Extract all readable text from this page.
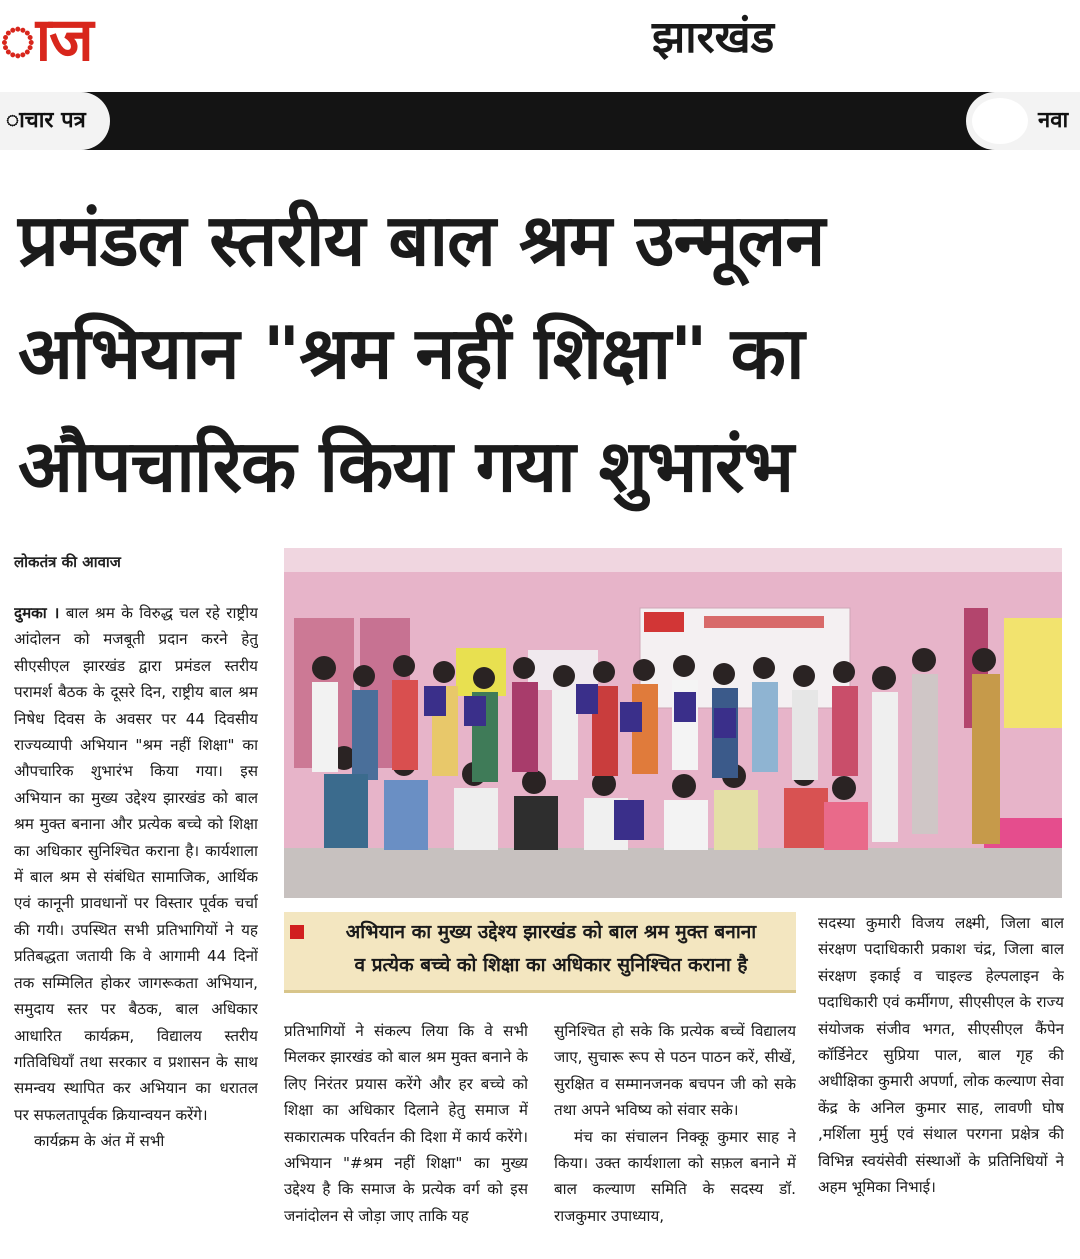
ाज	झारखंड
ाचार पत्र	नवा
प्रमंडल स्तरीय बाल श्रम उन्मूलन
अभियान "श्रम नहीं शिक्षा" का
औपचारिक किया गया शुभारंभ
लोकतंत्र की आवाज

दुमका । बाल श्रम के विरुद्ध चल रहे राष्ट्रीय आंदोलन को मजबूती प्रदान करने हेतु सीएसीएल झारखंड द्वारा प्रमंडल स्तरीय परामर्श बैठक के दूसरे दिन, राष्ट्रीय बाल श्रम निषेध दिवस के अवसर पर 44 दिवसीय राज्यव्यापी अभियान "श्रम नहीं शिक्षा" का औपचारिक शुभारंभ किया गया। इस अभियान का मुख्य उद्देश्य झारखंड को बाल श्रम मुक्त बनाना और प्रत्येक बच्चे को शिक्षा का अधिकार सुनिश्चित कराना है। कार्यशाला में बाल श्रम से संबंधित सामाजिक, आर्थिक एवं कानूनी प्रावधानों पर विस्तार पूर्वक चर्चा की गयी। उपस्थित सभी प्रतिभागियों ने यह प्रतिबद्धता जतायी कि वे आगामी 44 दिनों तक सम्मिलित होकर जागरूकता अभियान, समुदाय स्तर पर बैठक, बाल अधिकार आधारित कार्यक्रम, विद्यालय स्तरीय गतिविधियाँ तथा सरकार व प्रशासन के साथ समन्वय स्थापित कर अभियान का धरातल पर सफलतापूर्वक क्रियान्वयन करेंगे।

कार्यक्रम के अंत में सभी

अभियान का मुख्य उद्देश्य झारखंड को बाल श्रम मुक्त बनाना
व प्रत्येक बच्चे को शिक्षा का अधिकार सुनिश्चित कराना है

प्रतिभागियों ने संकल्प लिया कि वे सभी मिलकर झारखंड को बाल श्रम मुक्त बनाने के लिए निरंतर प्रयास करेंगे और हर बच्चे को शिक्षा का अधिकार दिलाने हेतु समाज में सकारात्मक परिवर्तन की दिशा में कार्य करेंगे। अभियान "#श्रम नहीं शिक्षा" का मुख्य उद्देश्य है कि समाज के प्रत्येक वर्ग को इस जनांदोलन से जोड़ा जाए ताकि यह

सुनिश्चित हो सके कि प्रत्येक बच्चें विद्यालय जाए, सुचारू रूप से पठन पाठन करें, सीखें, सुरक्षित व सम्मानजनक बचपन जी को सके तथा अपने भविष्य को संवार सके।

मंच का संचालन निक्कू कुमार साह ने किया। उक्त कार्यशाला को सफ़ल बनाने में बाल कल्याण समिति के सदस्य डॉ. राजकुमार उपाध्याय,

सदस्या कुमारी विजय लक्ष्मी, जिला बाल संरक्षण पदाधिकारी प्रकाश चंद्र, जिला बाल संरक्षण इकाई व चाइल्ड हेल्पलाइन के पदाधिकारी एवं कर्मीगण, सीएसीएल के राज्य संयोजक संजीव भगत, सीएसीएल कैंपेन कॉर्डिनेटर सुप्रिया पाल, बाल गृह की अधीक्षिका कुमारी अपर्णा, लोक कल्याण सेवा केंद्र के अनिल कुमार साह, लावणी घोष ,मर्शिला मुर्मु एवं संथाल परगना प्रक्षेत्र की विभिन्न स्वयंसेवी संस्थाओं के प्रतिनिधियों ने अहम भूमिका निभाई।
